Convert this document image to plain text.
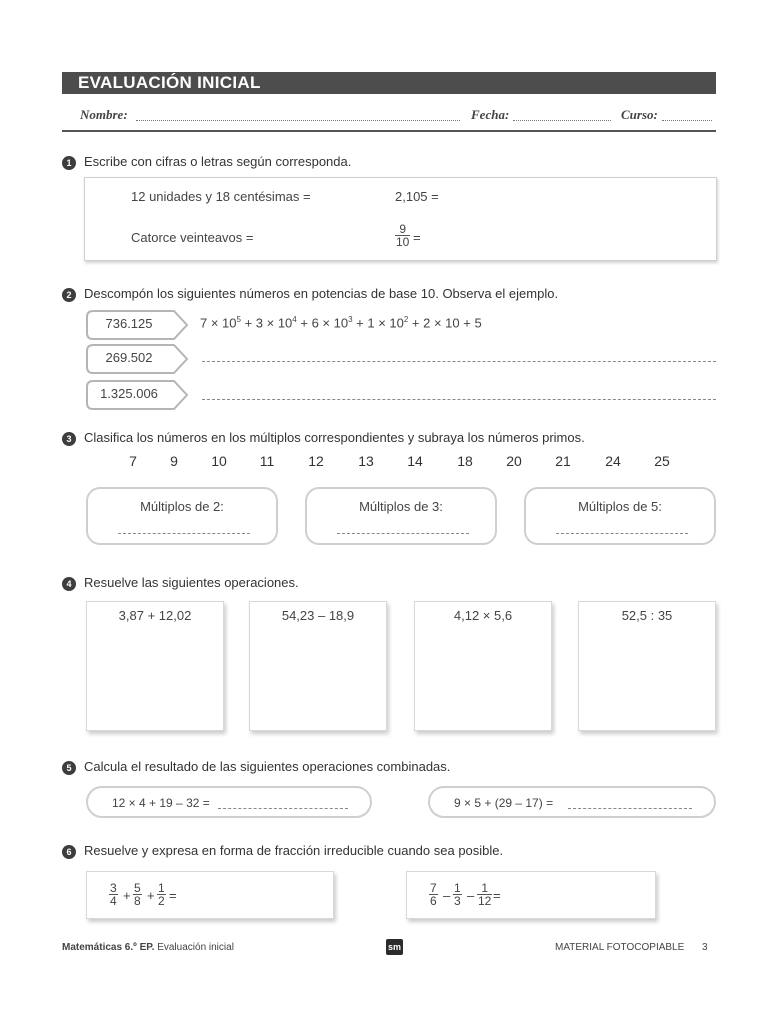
EVALUACIÓN INICIAL
Nombre:	Fecha:	Curso:
1 Escribe con cifras o letras según corresponda.
12 unidades y 18 centésimas =	2,105 =
Catorce veinteavos =	$\frac{9}{10}$ =
2 Descompón los siguientes números en potencias de base 10. Observa el ejemplo.
736.125	$7 \times 10^5 + 3 \times 10^4 + 6 \times 10^3 + 1 \times 10^2 + 2 \times 10 + 5$
269.502
1.325.006
3 Clasifica los números en los múltiplos correspondientes y subraya los números primos.
7 9 10 11 12 13 14 18 20 21 24 25
Múltiplos de 2:	Múltiplos de 3:	Múltiplos de 5:
4 Resuelve las siguientes operaciones.
3,87 + 12,02	54,23 – 18,9	4,12 × 5,6	52,5 : 35
5 Calcula el resultado de las siguientes operaciones combinadas.
12 × 4 + 19 – 32 =	9 × 5 + (29 – 17) =
6 Resuelve y expresa en forma de fracción irreducible cuando sea posible.
$\frac{3}{4} + \frac{5}{8} + \frac{1}{2}$ =	$\frac{7}{6} - \frac{1}{3} - \frac{1}{12}$ =
Matemáticas 6.º EP. Evaluación inicial	sm	MATERIAL FOTOCOPIABLE 3
